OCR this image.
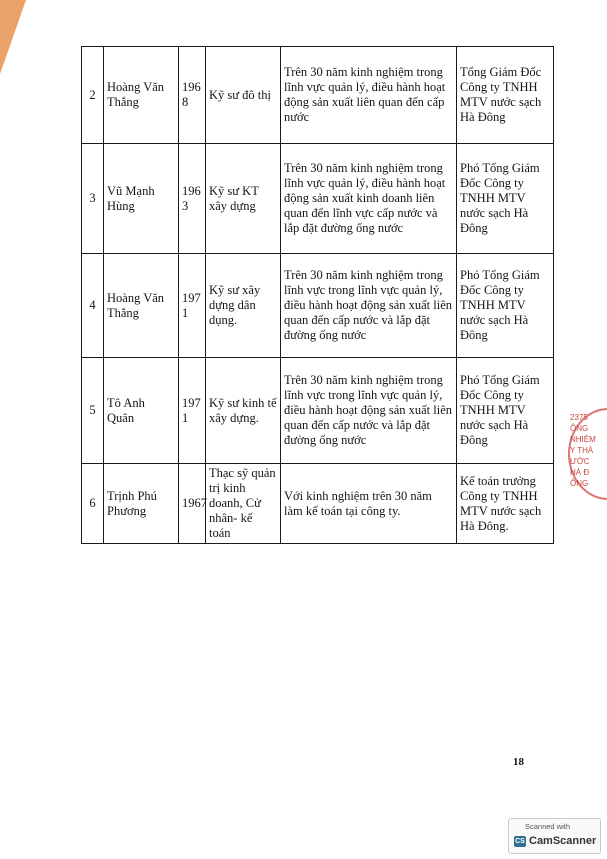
2	Hoàng Văn Thắng	1968	Kỹ sư đô thị	Trên 30 năm kinh nghiệm trong lĩnh vực quản lý, điều hành hoạt động sản xuất liên quan đến cấp nước	Tổng Giám Đốc Công ty TNHH MTV nước sạch Hà Đông
3	Vũ Mạnh Hùng	1963	Kỹ sư KT xây dựng	Trên 30 năm kinh nghiệm trong lĩnh vực quản lý, điều hành hoạt động sản xuất kinh doanh liên quan đến lĩnh vực cấp nước và lắp đặt đường ống nước	Phó Tổng Giám Đốc Công ty TNHH MTV nước sạch Hà Đông
4	Hoàng Văn Thắng	1971	Kỹ sư xây dựng dân dụng.	Trên 30 năm kinh nghiệm trong lĩnh vực trong lĩnh vực quản lý, điều hành hoạt động sản xuất liên quan đến cấp nước và lắp đặt đường ống nước	Phó Tổng Giám Đốc Công ty TNHH MTV nước sạch Hà Đông
5	Tô Anh Quân	1971	Kỹ sư kinh tế xây dựng.	Trên 30 năm kinh nghiệm trong lĩnh vực trong lĩnh vực quản lý, điều hành hoạt động sản xuất liên quan đến cấp nước và lắp đặt đường ống nước	Phó Tổng Giám Đốc Công ty TNHH MTV nước sạch Hà Đông
6	Trịnh Phú Phương	1967	Thạc sỹ quản trị kinh doanh, Cử nhân- kế toán	Với kinh nghiệm trên 30 năm làm kế toán tại công ty.	Kế toán trưởng Công ty TNHH MTV nước sạch Hà Đông.
2375
ÔNG
NHIỆM
Y THÀ
ƯỚC
HÀ Đ
ÔNG
18
Scanned with
CS CamScanner
